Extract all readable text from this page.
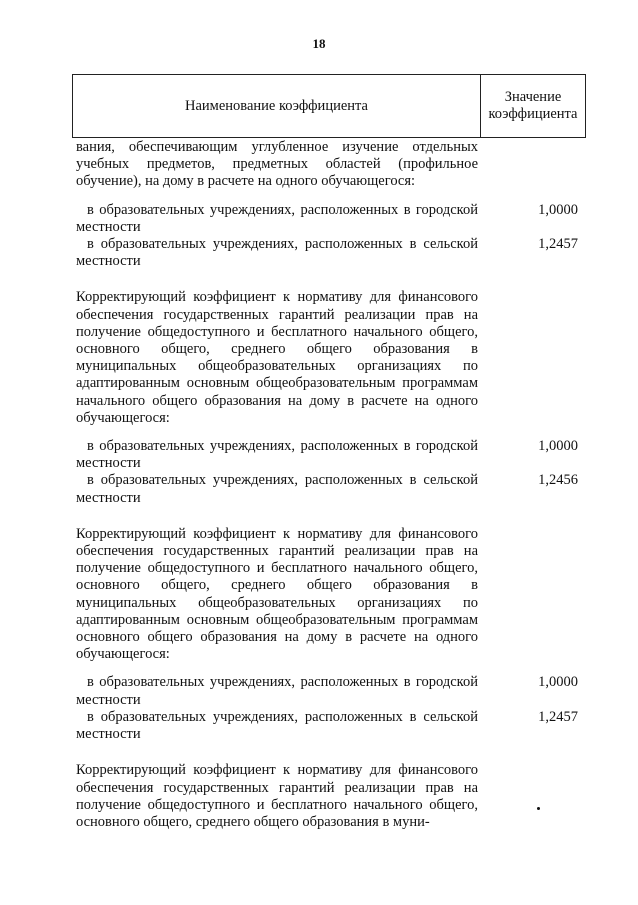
18
Наименование коэффициента
Значение
коэффициента
вания, обеспечивающим углубленное изучение отдельных учебных предметов, предметных областей (профильное обучение), на дому в расчете на одного обучающегося:
в образовательных учреждениях, расположенных в городской местности
1,0000
в образовательных учреждениях, расположенных в сельской местности
1,2457
Корректирующий коэффициент к нормативу для финансового обеспечения государственных гарантий реализации прав на получение общедоступного и бесплатного начального общего, основного общего, среднего общего образования в муниципальных общеобразовательных организациях по адаптированным основным общеобразовательным программам начального общего образования на дому в расчете на одного обучающегося:
в образовательных учреждениях, расположенных в городской местности
1,0000
в образовательных учреждениях, расположенных в сельской местности
1,2456
Корректирующий коэффициент к нормативу для финансового обеспечения государственных гарантий реализации прав на получение общедоступного и бесплатного начального общего, основного общего, среднего общего образования в муниципальных общеобразовательных организациях по адаптированным основным общеобразовательным программам основного общего образования на дому в расчете на одного обучающегося:
в образовательных учреждениях, расположенных в городской местности
1,0000
в образовательных учреждениях, расположенных в сельской местности
1,2457
Корректирующий коэффициент к нормативу для финансового обеспечения государственных гарантий реализации прав на получение общедоступного и бесплатного начального общего, основного общего, среднего общего образования в муни-
